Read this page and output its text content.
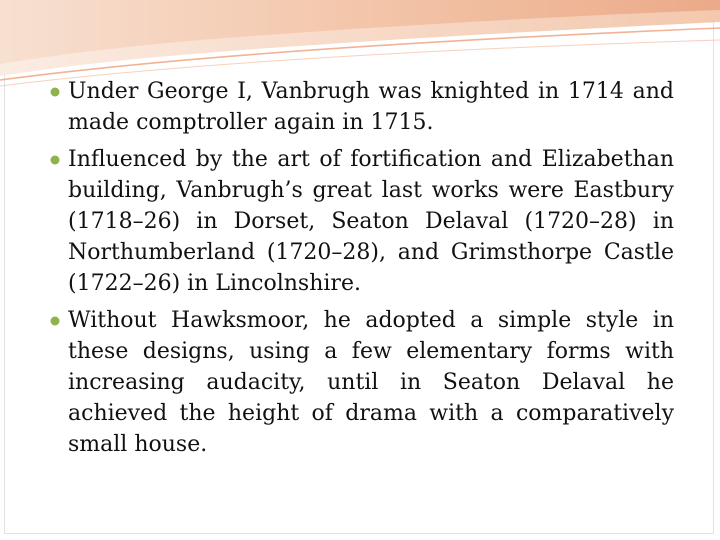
Under George I, Vanbrugh was knighted in 1714 and made comptroller again in 1715.
Influenced by the art of fortification and Elizabethan building, Vanbrugh’s great last works were Eastbury (1718–26) in Dorset, Seaton Delaval (1720–28) in Northumberland (1720–28), and Grimsthorpe Castle (1722–26) in Lincolnshire.
Without Hawksmoor, he adopted a simple style in these designs, using a few elementary forms with increasing audacity, until in Seaton Delaval he achieved the height of drama with a comparatively small house.
